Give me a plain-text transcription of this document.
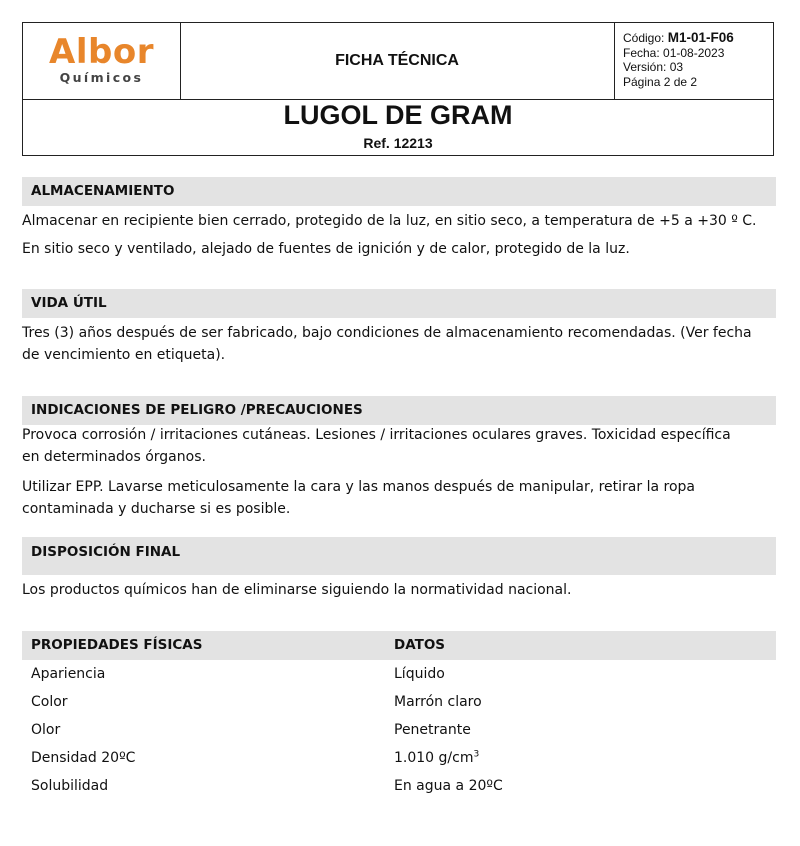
Albor
Químicos
FICHA TÉCNICA
Código: M1-01-F06
Fecha: 01-08-2023
Versión: 03
Página 2 de 2
LUGOL DE GRAM
Ref. 12213
ALMACENAMIENTO
Almacenar en recipiente bien cerrado, protegido de la luz, en sitio seco, a temperatura de +5 a +30 º C.
En sitio seco y ventilado, alejado de fuentes de ignición y de calor, protegido de la luz.
VIDA ÚTIL
Tres (3) años después de ser fabricado, bajo condiciones de almacenamiento recomendadas. (Ver fecha de vencimiento en etiqueta).
INDICACIONES DE PELIGRO /PRECAUCIONES
Provoca corrosión / irritaciones cutáneas. Lesiones / irritaciones oculares graves. Toxicidad específica en determinados órganos.
Utilizar EPP. Lavarse meticulosamente la cara y las manos después de manipular, retirar la ropa contaminada y ducharse si es posible.
DISPOSICIÓN FINAL
Los productos químicos han de eliminarse siguiendo la normatividad nacional.
PROPIEDADES FÍSICAS	DATOS
Apariencia	Líquido
Color	Marrón claro
Olor	Penetrante
Densidad 20ºC	1.010 $g/cm^3$
Solubilidad	En agua a 20ºC
